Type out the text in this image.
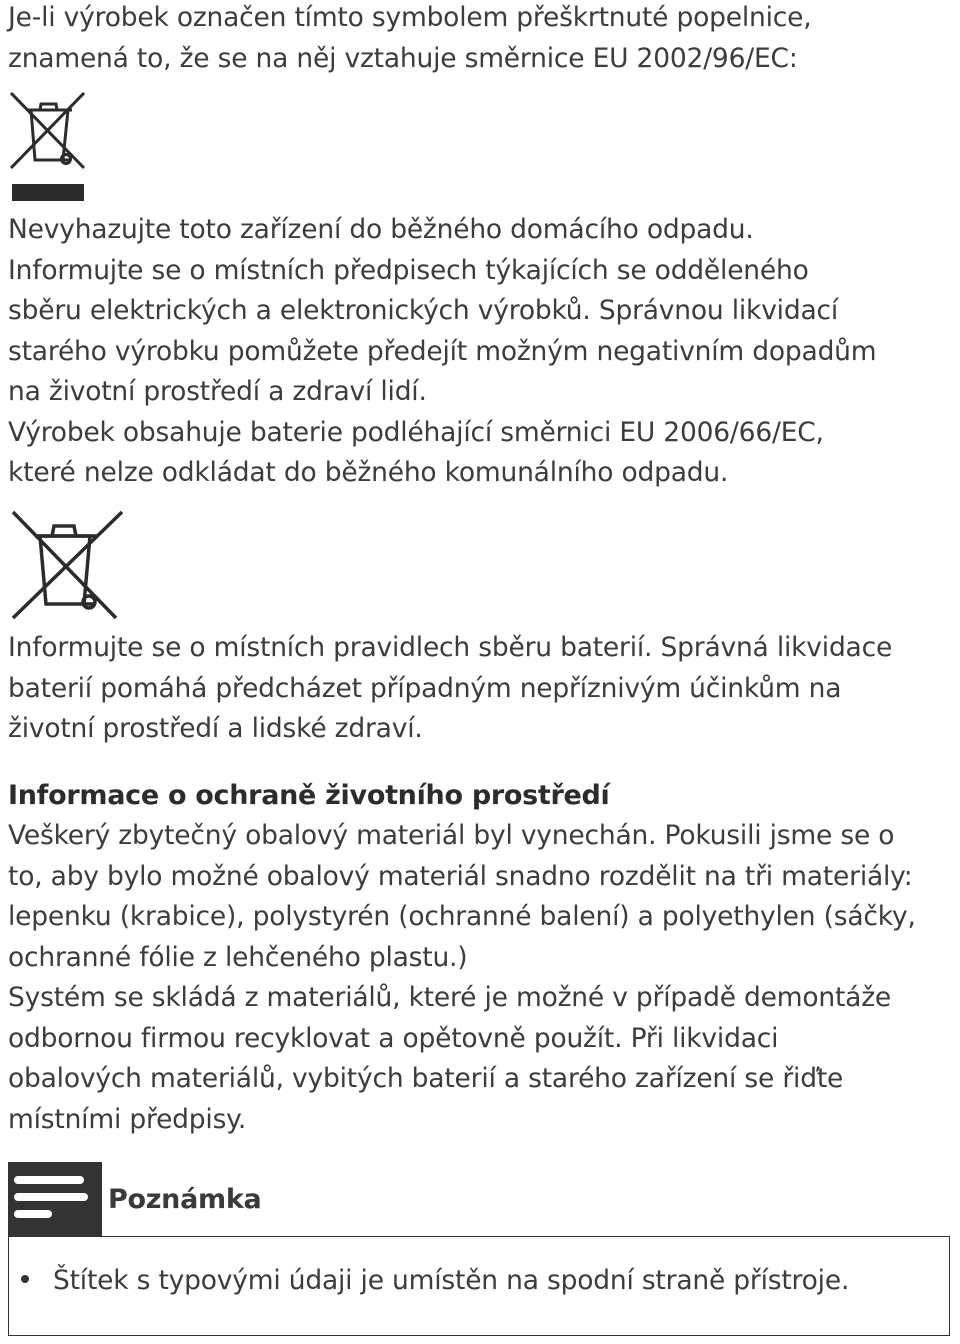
Je-li výrobek označen tímto symbolem přeškrtnuté popelnice,
znamená to, že se na něj vztahuje směrnice EU 2002/96/EC:
Nevyhazujte toto zařízení do běžného domácího odpadu.
Informujte se o místních předpisech týkajících se odděleného
sběru elektrických a elektronických výrobků. Správnou likvidací
starého výrobku pomůžete předejít možným negativním dopadům
na životní prostředí a zdraví lidí.
Výrobek obsahuje baterie podléhající směrnici EU 2006/66/EC,
které nelze odkládat do běžného komunálního odpadu.
Informujte se o místních pravidlech sběru baterií. Správná likvidace
baterií pomáhá předcházet případným nepříznivým účinkům na
životní prostředí a lidské zdraví.
Informace o ochraně životního prostředí
Veškerý zbytečný obalový materiál byl vynechán. Pokusili jsme se o
to, aby bylo možné obalový materiál snadno rozdělit na tři materiály:
lepenku (krabice), polystyrén (ochranné balení) a polyethylen (sáčky,
ochranné fólie z lehčeného plastu.)
Systém se skládá z materiálů, které je možné v případě demontáže
odbornou firmou recyklovat a opětovně použít. Při likvidaci
obalových materiálů, vybitých baterií a starého zařízení se řiďte
místními předpisy.
Poznámka
Štítek s typovými údaji je umístěn na spodní straně přístroje.
